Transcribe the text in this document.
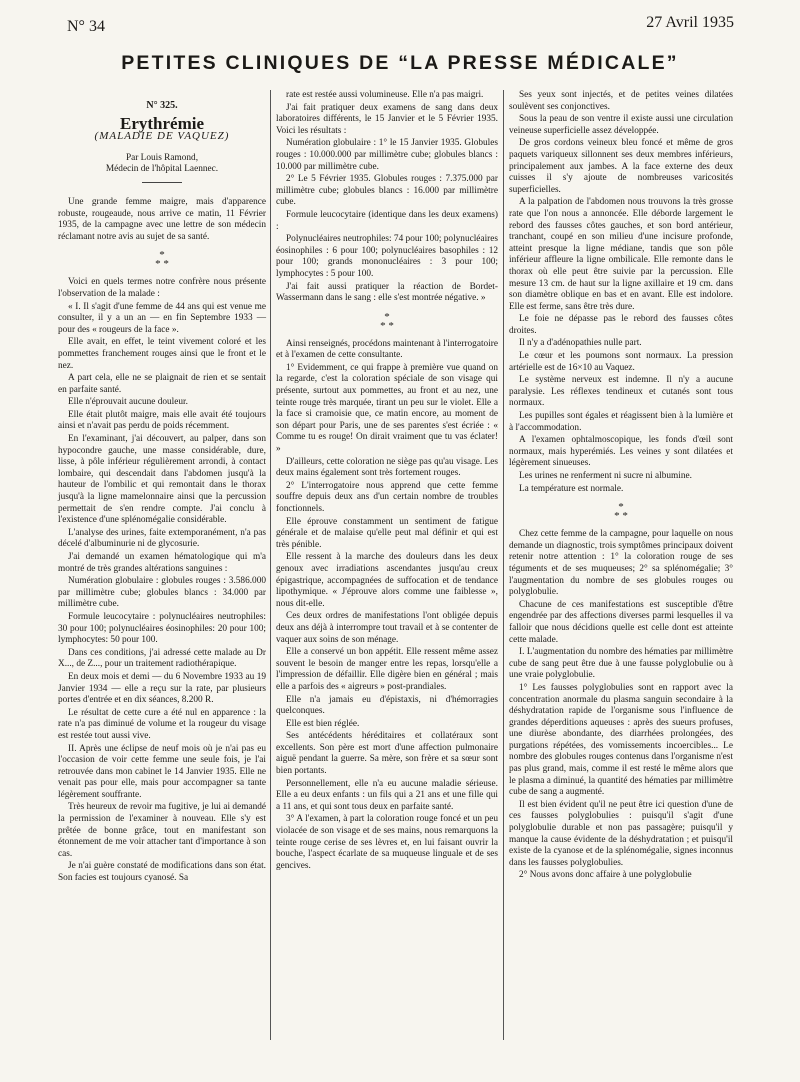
N° 34	27 Avril 1935
PETITES CLINIQUES DE “LA PRESSE MÉDICALE”

N° 325.

Erythrémie

(MALADIE DE VAQUEZ)

Par Louis Ramond,

Médecin de l'hôpital Laennec.

Une grande femme maigre, mais d'apparence robuste, rougeaude, nous arrive ce matin, 11 Février 1935, de la campagne avec une lettre de son médecin réclamant notre avis au sujet de sa santé.

*
* *

Voici en quels termes notre confrère nous présente l'observation de la malade :

« I. Il s'agit d'une femme de 44 ans qui est venue me consulter, il y a un an — en fin Septembre 1933 — pour des « rougeurs de la face ».

Elle avait, en effet, le teint vivement coloré et les pommettes franchement rouges ainsi que le front et le nez.

A part cela, elle ne se plaignait de rien et se sentait en parfaite santé.

Elle n'éprouvait aucune douleur.

Elle était plutôt maigre, mais elle avait été toujours ainsi et n'avait pas perdu de poids récemment.

En l'examinant, j'ai découvert, au palper, dans son hypocondre gauche, une masse considérable, dure, lisse, à pôle inférieur régulièrement arrondi, à contact lombaire, qui descendait dans l'abdomen jusqu'à la hauteur de l'ombilic et qui remontait dans le thorax jusqu'à la ligne mamelonnaire ainsi que la percussion permettait de s'en rendre compte. J'ai conclu à l'existence d'une splénomégalie considérable.

L'analyse des urines, faite extemporanément, n'a pas décelé d'albuminurie ni de glycosurie.

J'ai demandé un examen hématologique qui m'a montré de très grandes altérations sanguines :

Numération globulaire : globules rouges : 3.586.000 par millimètre cube; globules blancs : 34.000 par millimètre cube.

Formule leucocytaire : polynucléaires neutrophiles: 30 pour 100; polynucléaires éosinophiles: 20 pour 100; lymphocytes: 50 pour 100.

Dans ces conditions, j'ai adressé cette malade au Dr X..., de Z..., pour un traitement radiothérapique.

En deux mois et demi — du 6 Novembre 1933 au 19 Janvier 1934 — elle a reçu sur la rate, par plusieurs portes d'entrée et en dix séances, 8.200 R.

Le résultat de cette cure a été nul en apparence : la rate n'a pas diminué de volume et la rougeur du visage est restée tout aussi vive.

II. Après une éclipse de neuf mois où je n'ai pas eu l'occasion de voir cette femme une seule fois, je l'ai retrouvée dans mon cabinet le 14 Janvier 1935. Elle ne venait pas pour elle, mais pour accompagner sa tante légèrement souffrante.

Très heureux de revoir ma fugitive, je lui ai demandé la permission de l'examiner à nouveau. Elle s'y est prêtée de bonne grâce, tout en manifestant son étonnement de me voir attacher tant d'importance à son cas.

Je n'ai guère constaté de modifications dans son état. Son facies est toujours cyanosé. Sa

rate est restée aussi volumineuse. Elle n'a pas maigri.

J'ai fait pratiquer deux examens de sang dans deux laboratoires différents, le 15 Janvier et le 5 Février 1935. Voici les résultats :

Numération globulaire : 1° le 15 Janvier 1935. Globules rouges : 10.000.000 par millimètre cube; globules blancs : 10.000 par millimètre cube.

2° Le 5 Février 1935. Globules rouges : 7.375.000 par millimètre cube; globules blancs : 16.000 par millimètre cube.

Formule leucocytaire (identique dans les deux examens) :

Polynucléaires neutrophiles: 74 pour 100; polynucléaires éosinophiles : 6 pour 100; polynucléaires basophiles : 12 pour 100; grands mononucléaires : 3 pour 100; lymphocytes : 5 pour 100.

J'ai fait aussi pratiquer la réaction de Bordet-Wassermann dans le sang : elle s'est montrée négative. »

*
* *

Ainsi renseignés, procédons maintenant à l'interrogatoire et à l'examen de cette consultante.

1° Evidemment, ce qui frappe à première vue quand on la regarde, c'est la coloration spéciale de son visage qui présente, surtout aux pommettes, au front et au nez, une teinte rouge très marquée, tirant un peu sur le violet. Elle a la face si cramoisie que, ce matin encore, au moment de son départ pour Paris, une de ses parentes s'est écriée : « Comme tu es rouge! On dirait vraiment que tu vas éclater! »

D'ailleurs, cette coloration ne siège pas qu'au visage. Les deux mains également sont très fortement rouges.

2° L'interrogatoire nous apprend que cette femme souffre depuis deux ans d'un certain nombre de troubles fonctionnels.

Elle éprouve constamment un sentiment de fatigue générale et de malaise qu'elle peut mal définir et qui est très pénible.

Elle ressent à la marche des douleurs dans les deux genoux avec irradiations ascendantes jusqu'au creux épigastrique, accompagnées de suffocation et de tendance lipothymique. « J'éprouve alors comme une faiblesse », nous dit-elle.

Ces deux ordres de manifestations l'ont obligée depuis deux ans déjà à interrompre tout travail et à se contenter de vaquer aux soins de son ménage.

Elle a conservé un bon appétit. Elle ressent même assez souvent le besoin de manger entre les repas, lorsqu'elle a l'impression de défaillir. Elle digère bien en général ; mais elle a parfois des « aigreurs » post-prandiales.

Elle n'a jamais eu d'épistaxis, ni d'hémorragies quelconques.

Elle est bien réglée.

Ses antécédents héréditaires et collatéraux sont excellents. Son père est mort d'une affection pulmonaire aiguë pendant la guerre. Sa mère, son frère et sa sœur sont bien portants.

Personnellement, elle n'a eu aucune maladie sérieuse. Elle a eu deux enfants : un fils qui a 21 ans et une fille qui a 11 ans, et qui sont tous deux en parfaite santé.

3° A l'examen, à part la coloration rouge foncé et un peu violacée de son visage et de ses mains, nous remarquons la teinte rouge cerise de ses lèvres et, en lui faisant ouvrir la bouche, l'aspect écarlate de sa muqueuse linguale et de ses gencives.

Ses yeux sont injectés, et de petites veines dilatées soulèvent ses conjonctives.

Sous la peau de son ventre il existe aussi une circulation veineuse superficielle assez développée.

De gros cordons veineux bleu foncé et même de gros paquets variqueux sillonnent ses deux membres inférieurs, principalement aux jambes. A la face externe des deux cuisses il s'y ajoute de nombreuses varicosités superficielles.

A la palpation de l'abdomen nous trouvons la très grosse rate que l'on nous a annoncée. Elle déborde largement le rebord des fausses côtes gauches, et son bord antérieur, tranchant, coupé en son milieu d'une incisure profonde, atteint presque la ligne médiane, tandis que son pôle inférieur affleure la ligne ombilicale. Elle remonte dans le thorax où elle peut être suivie par la percussion. Elle mesure 13 cm. de haut sur la ligne axillaire et 19 cm. dans son diamètre oblique en bas et en avant. Elle est indolore. Elle est ferme, sans être très dure.

Le foie ne dépasse pas le rebord des fausses côtes droites.

Il n'y a d'adénopathies nulle part.

Le cœur et les poumons sont normaux. La pression artérielle est de 16×10 au Vaquez.

Le système nerveux est indemne. Il n'y a aucune paralysie. Les réflexes tendineux et cutanés sont tous normaux.

Les pupilles sont égales et réagissent bien à la lumière et à l'accommodation.

A l'examen ophtalmoscopique, les fonds d'œil sont normaux, mais hyperémiés. Les veines y sont dilatées et légèrement sinueuses.

Les urines ne renferment ni sucre ni albumine.

La température est normale.

*
* *

Chez cette femme de la campagne, pour laquelle on nous demande un diagnostic, trois symptômes principaux doivent retenir notre attention : 1° la coloration rouge de ses téguments et de ses muqueuses; 2° sa splénomégalie; 3° l'augmentation du nombre de ses globules rouges ou polyglobulie.

Chacune de ces manifestations est susceptible d'être engendrée par des affections diverses parmi lesquelles il va falloir que nous décidions quelle est celle dont est atteinte cette malade.

I. L'augmentation du nombre des hématies par millimètre cube de sang peut être due à une fausse polyglobulie ou à une vraie polyglobulie.

1° Les fausses polyglobulies sont en rapport avec la concentration anormale du plasma sanguin secondaire à la déshydratation rapide de l'organisme sous l'influence de grandes déperditions aqueuses : après des sueurs profuses, une diurèse abondante, des diarrhées prolongées, des purgations répétées, des vomissements incoercibles... Le nombre des globules rouges contenus dans l'organisme n'est pas plus grand, mais, comme il est resté le même alors que le plasma a diminué, la quantité des hématies par millimètre cube de sang a augmenté.

Il est bien évident qu'il ne peut être ici question d'une de ces fausses polyglobulies : puisqu'il s'agit d'une polyglobulie durable et non pas passagère; puisqu'il y manque la cause évidente de la déshydratation ; et puisqu'il existe de la cyanose et de la splénomégalie, signes inconnus dans les fausses polyglobulies.

2° Nous avons donc affaire à une polyglobulie
